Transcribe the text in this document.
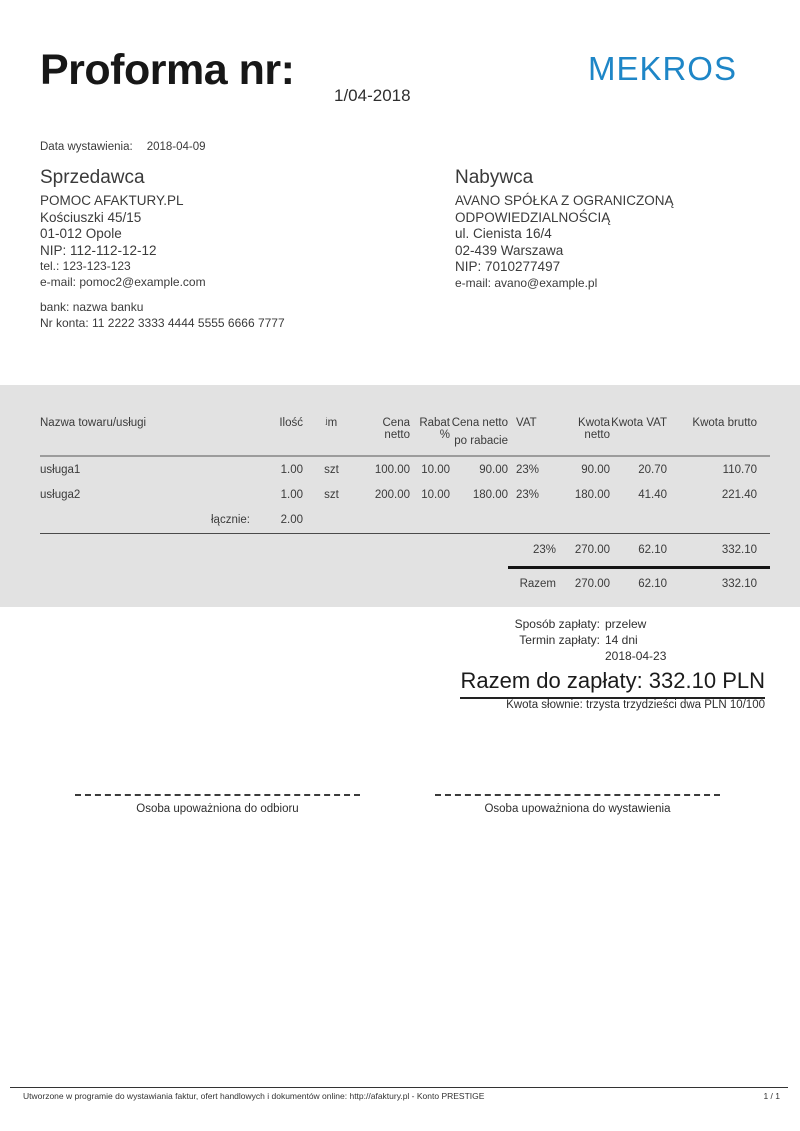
Proforma nr:
1/04-2018
MEKROS
Data wystawienia: 2018-04-09
Sprzedawca
POMOC AFAKTURY.PL
Kościuszki 45/15
01-012 Opole
NIP: 112-112-12-12
tel.: 123-123-123
e-mail: pomoc2@example.com
bank: nazwa banku
Nr konta: 11 2222 3333 4444 5555 6666 7777
Nabywca
AVANO SPÓŁKA Z OGRANICZONĄ ODPOWIEDZIALNOŚCIĄ
ul. Cienista 16/4
02-439 Warszawa
NIP: 7010277497
e-mail: avano@example.pl
Nazwa towaru/usługi	Ilość	ʲm	Cena netto	Rabat %	Cena netto
po rabacie	VAT	Kwota netto	Kwota VAT	Kwota brutto
usługa1	1.00	szt	100.00	10.00	90.00	23%	90.00	20.70	110.70
usługa2	1.00	szt	200.00	10.00	180.00	23%	180.00	41.40	221.40
łącznie:	2.00								
						23%	270.00	62.10	332.10
						Razem	270.00	62.10	332.10
Sposób zapłaty: przelew
Termin zapłaty: 14 dni
2018-04-23
Razem do zapłaty: 332.10 PLN
Kwota słownie: trzysta trzydzieści dwa PLN 10/100
Osoba upoważniona do odbioru	Osoba upoważniona do wystawienia
Utworzone w programie do wystawiania faktur, ofert handlowych i dokumentów online: http://afaktury.pl - Konto PRESTIGE	1 / 1
